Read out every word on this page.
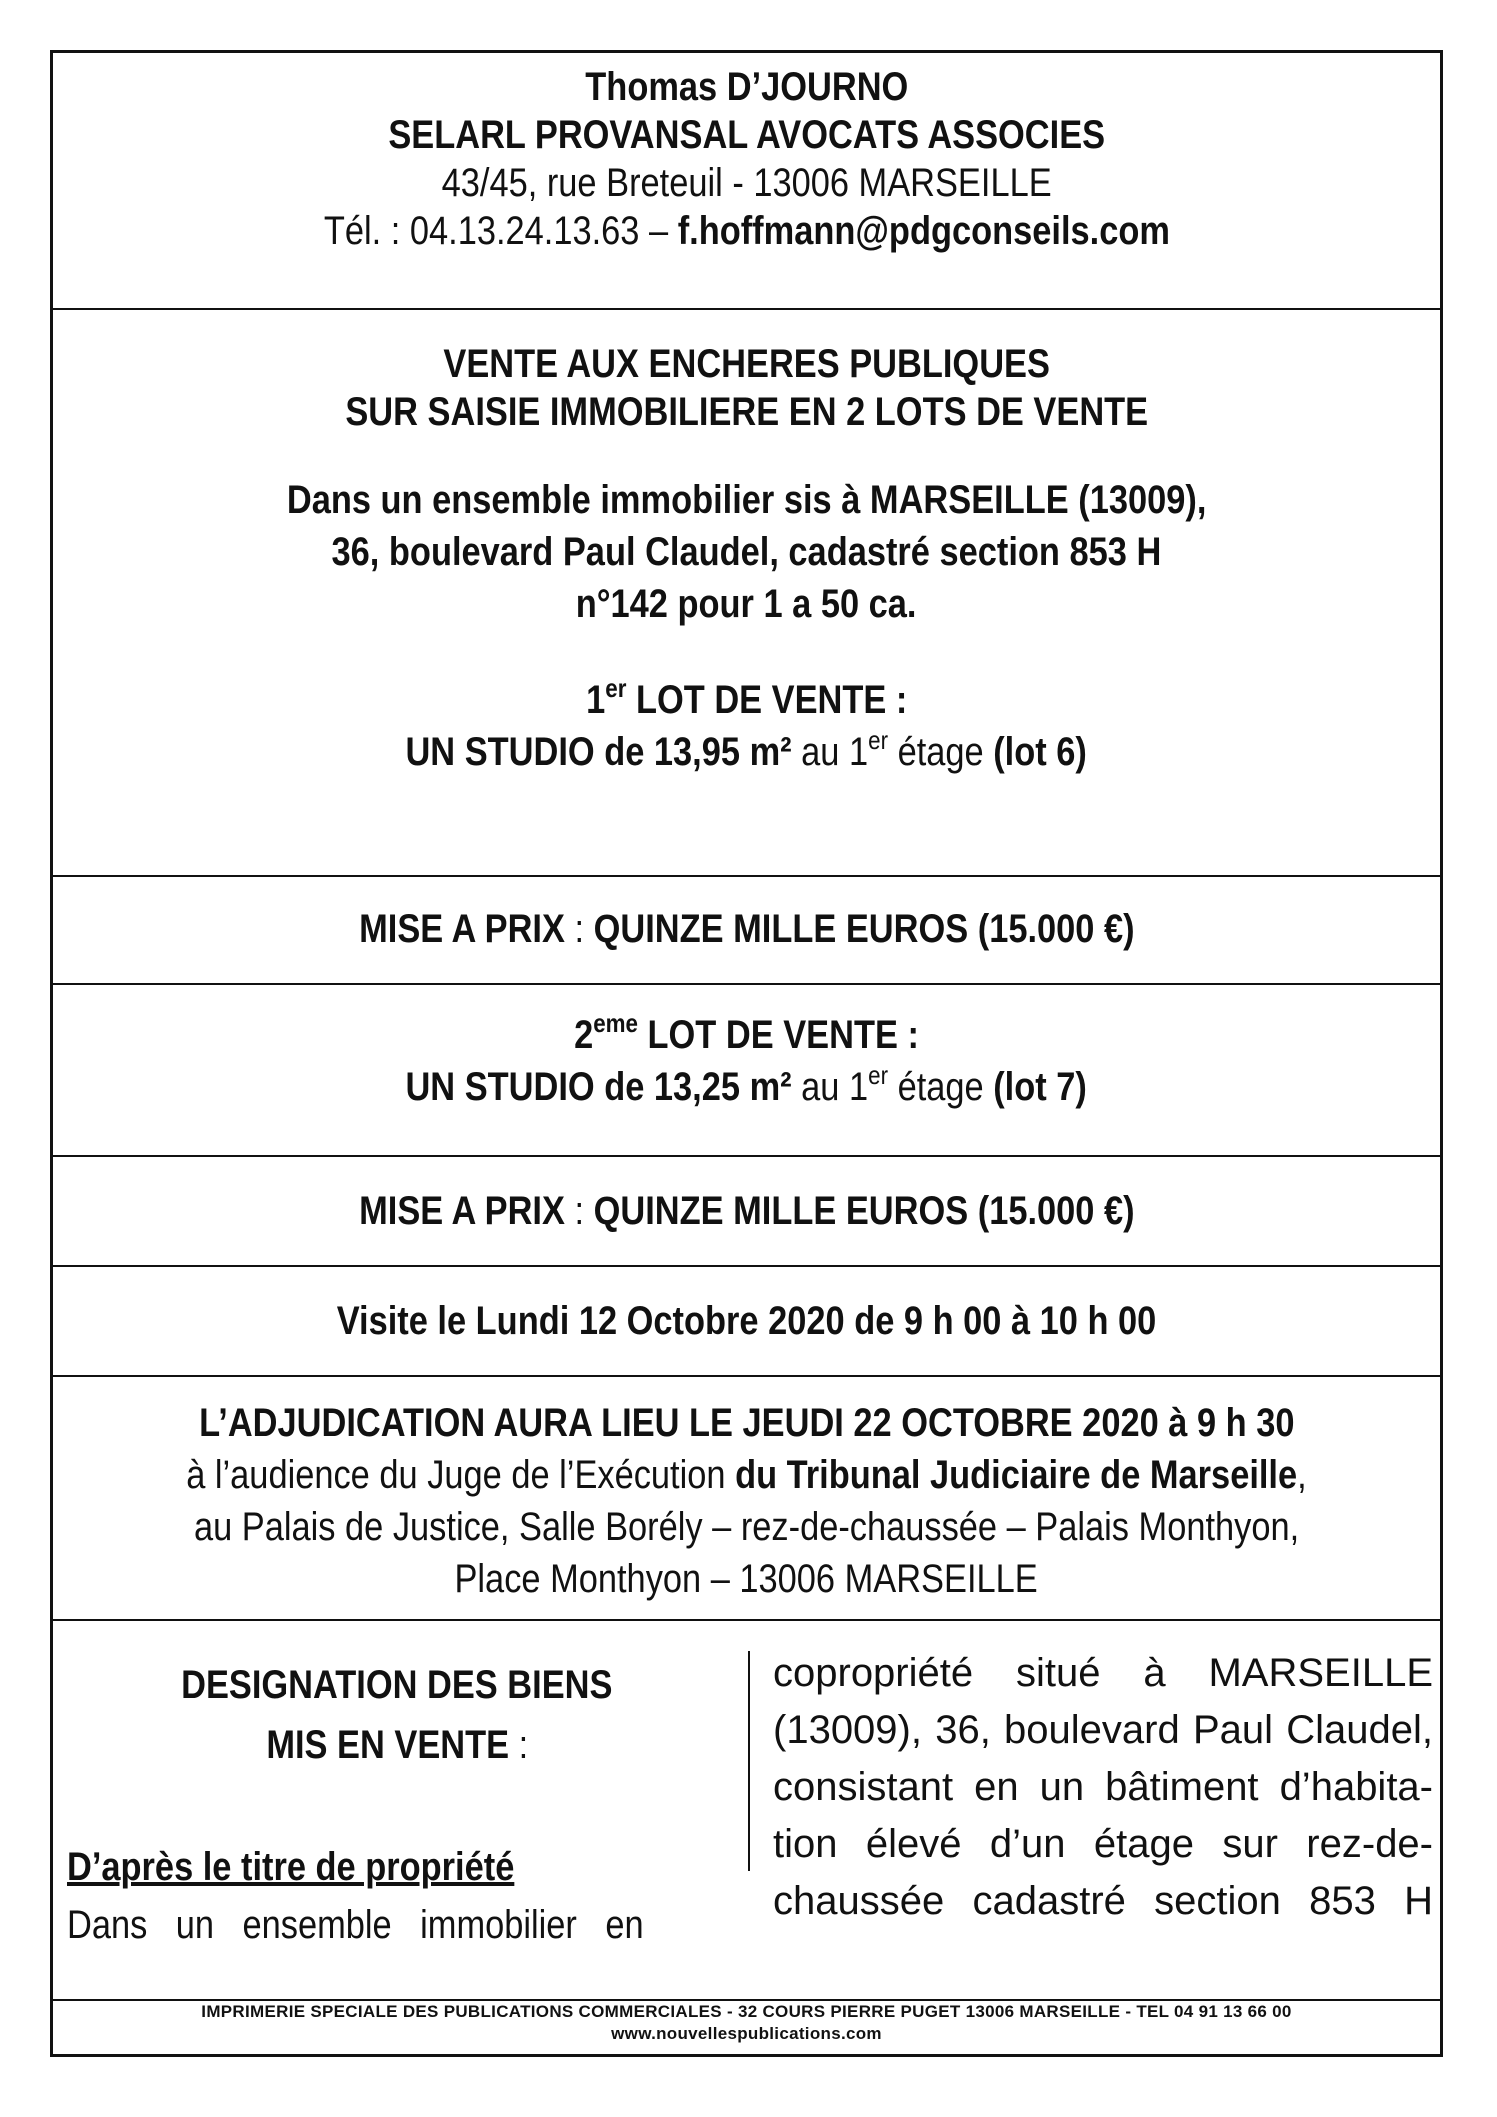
Thomas D’JOURNO
SELARL PROVANSAL AVOCATS ASSOCIES
43/45, rue Breteuil - 13006 MARSEILLE
Tél. : 04.13.24.13.63 – f.hoffmann@pdgconseils.com
VENTE AUX ENCHERES PUBLIQUES
SUR SAISIE IMMOBILIERE EN 2 LOTS DE VENTE
Dans un ensemble immobilier sis à MARSEILLE (13009),
36, boulevard Paul Claudel, cadastré section 853 H
n°142 pour 1 a 50 ca.
1er LOT DE VENTE :
UN STUDIO de 13,95 m² au 1er étage (lot 6)
MISE A PRIX : QUINZE MILLE EUROS (15.000 €)
2eme LOT DE VENTE :
UN STUDIO de 13,25 m² au 1er étage (lot 7)
MISE A PRIX : QUINZE MILLE EUROS (15.000 €)
Visite le Lundi 12 Octobre 2020 de 9 h 00 à 10 h 00
L’ADJUDICATION AURA LIEU LE JEUDI 22 OCTOBRE 2020 à 9 h 30
à l’audience du Juge de l’Exécution du Tribunal Judiciaire de Marseille,
au Palais de Justice, Salle Borély – rez-de-chaussée – Palais Monthyon,
Place Monthyon – 13006 MARSEILLE
DESIGNATION DES BIENS
MIS EN VENTE :
D’après le titre de propriété
Dans un ensemble immobilier en
copropriété situé à MARSEILLE
(13009), 36, boulevard Paul Claudel,
consistant en un bâtiment d’habita-
tion élevé d’un étage sur rez-de-
chaussée cadastré section 853 H
IMPRIMERIE SPECIALE DES PUBLICATIONS COMMERCIALES - 32 COURS PIERRE PUGET 13006 MARSEILLE - TEL 04 91 13 66 00
www.nouvellespublications.com
